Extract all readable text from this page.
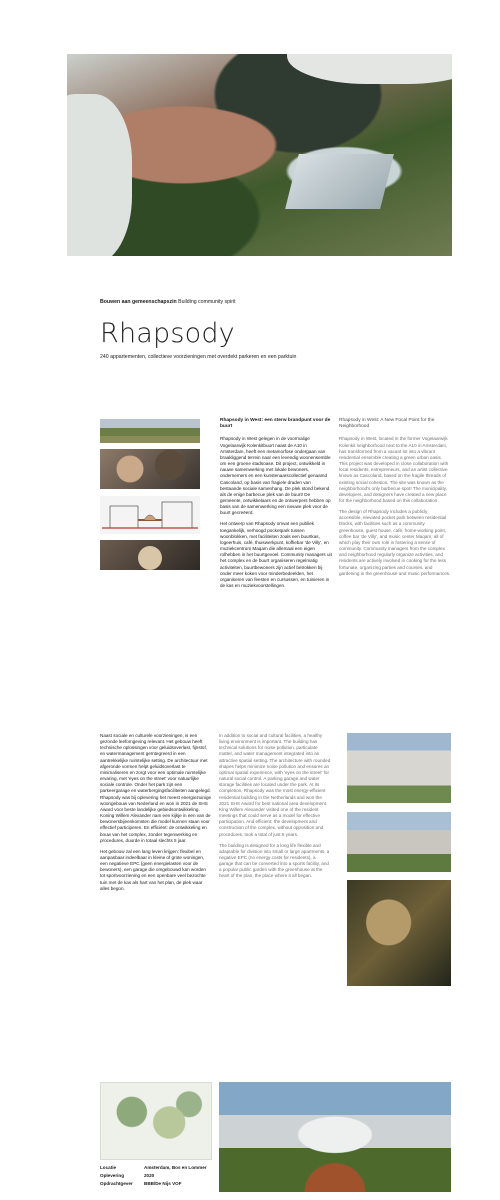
Bouwen aan gemeenschapszin Building community spirit
Rhapsody
240 appartementen, collectieve voorzieningen met overdekt parkeren en een parktuin
Rhapsody in West: een sterw brandpunt voor de buurt

Rhapsody in West gelegen in de voormalige Vogelaarwijk Kolenkitbuurt naast de A10 in Amsterdam, heeft een metamorfose ondergaan van braakliggend terrein naar een levendig woonensemble om een groene stadsoase. Dit project, ontwikkeld in nauwe samenwerking met lokale bewoners, ondernemers en een kunstenaarscollectief genaamd Cascoland, op basis van fragiele draden van bestaande sociale samenhang. De plek stond bekend als de enige barbecue plek van de buurt! De gemeente, ontwikkelaars en de ontwerpers hebben op basis van de samenwerking een nieuwe plek voor de buurt gecreëerd.

Het ontwerp van Rhapsody omvat een publiek toegankelijk, verhoogd pocketpark tussen woonblokken, met faciliteiten zoals een buurtkas, logeerhuis, café, thuiswerkpunt, koffiebar 'de Villy', en muziekcentrum Maqam die allemaal een eigen rolhebben in het buurtgevoel. Community managers uit het complex en de buurt organiseren regelmatig activiteiten, buurtbewoners zijn actief betrokken bij onder meer koken voor minderbedeelden, het organiseren van feesten en cursussen, en tuinieren in de kas en muziekvoorstellingen.

Rhapsody in West: A New Focal Point for the Neighborhood

Rhapsody in West, located in the former Vogelaarwijk Kolenkit neighborhood next to the A10 in Amsterdam, has transformed from a vacant lot into a vibrant residential ensemble creating a green urban oasis. This project was developed in close collaboration with local residents, entrepreneurs, and an artist collective known as Cascoland, based on the fragile threads of existing social cohesion. The site was known as the neighborhood's only barbecue spot! The municipality, developers, and designers have created a new place for the neighborhood based on this collaboration.

The design of Rhapsody includes a publicly accessible, elevated pocket park between residential blocks, with facilities such as a community greenhouse, guest house, café, home-working point, coffee bar 'de Villy', and music center Maqam, all of which play their own role in fostering a sense of community. Community managers from the complex and neighborhood regularly organize activities, and residents are actively involved in cooking for the less fortunate, organizing parties and courses, and gardening in the greenhouse and music performances.

Naast sociale en culturele voorzieningen, is een gezonde leefomgeving relevant. Het gebouw heeft technische oplossingen voor geluidsoverlast, fijnstof, en watermanagement geïntegreerd in een aantrekkelijke ruimtelijke setting. De architectuur met afgeronde vormen helpt geluidsoverlast te minimaliseren en zorgt voor een optimale ruimtelijke ervaring, met 'eyes on the street' voor natuurlijke sociale controle. Onder het park zijn een parkeergarage en waterbergingsfaciliteiten aangelegd. Rhapsody was bij oplevering het meest energiezuinige woongebouw van Nederland en won in 2021 de SHS Award voor beste landelijke gebiedsontwikkeling. Koning Willem Alexander nam een kijkje in een van de bewonersbijeenkomsten die model kunnen staan voor effectief participeren. En efficiënt: de ontwikkeling en bouw van het complex, zonder tegenwerking en procedures, duurde in totaal slechts 5 jaar.

Het gebouw zal een lang leven krijgen; flexibel en aanpasbaar indeelbaar in kleine of grote woningen, een negatieve EPC (geen energielasten voor de bewoners), een garage die omgebouwd kan worden tot sportvoorziening en een openbare veel bezochte tuin met de kas als hart van het plan, de plek waar alles begon.

In addition to social and cultural facilities, a healthy living environment is important. The building has technical solutions for noise pollution, particulate matter, and water management integrated into an attractive spatial setting. The architecture with rounded shapes helps minimize noise pollution and ensures an optimal spatial experience, with 'eyes on the street' for natural social control. A parking garage and water storage facilities are located under the park. At its completion, Rhapsody was the most energy-efficient residential building in the Netherlands and won the 2021 SHS Award for best national area development. King Willem Alexander visited one of the resident meetings that could serve as a model for effective participation. And efficient: the development and construction of the complex, without opposition and procedures, took a total of just 5 years.

The building is designed for a long life flexible and adaptable for division into small or large apartments, a negative EPC (no energy costs for residents), a garage that can be converted into a sports facility, and a popular public garden with the greenhouse at the heart of the plan, the place where it all began.

Locatie	Amsterdam, Bos en Lommer
Oplevering	2020
Opdrachtgever	BBB/De Nijs VOF
